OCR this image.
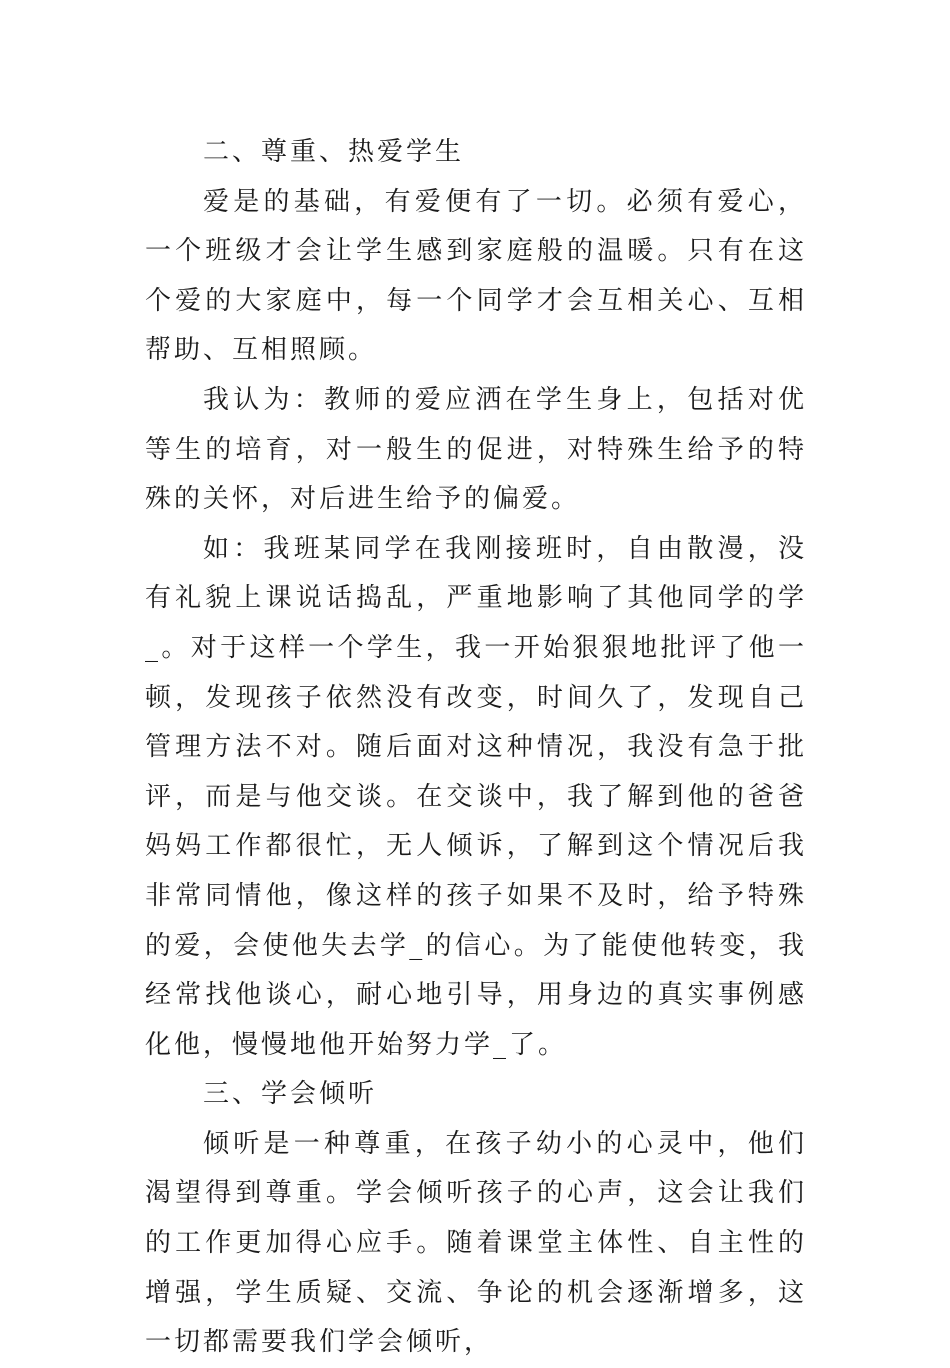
二、尊重、热爱学生

爱是的基础，有爱便有了一切。必须有爱心，一个班级才会让学生感到家庭般的温暖。只有在这个爱的大家庭中，每一个同学才会互相关心、互相帮助、互相照顾。

我认为：教师的爱应洒在学生身上，包括对优等生的培育，对一般生的促进，对特殊生给予的特殊的关怀，对后进生给予的偏爱。

如：我班某同学在我刚接班时，自由散漫，没有礼貌上课说话捣乱，严重地影响了其他同学的学_。对于这样一个学生，我一开始狠狠地批评了他一顿，发现孩子依然没有改变，时间久了，发现自己管理方法不对。随后面对这种情况，我没有急于批评，而是与他交谈。在交谈中，我了解到他的爸爸妈妈工作都很忙，无人倾诉，了解到这个情况后我非常同情他，像这样的孩子如果不及时，给予特殊的爱，会使他失去学_的信心。为了能使他转变，我经常找他谈心，耐心地引导，用身边的真实事例感化他，慢慢地他开始努力学_了。

三、学会倾听

倾听是一种尊重，在孩子幼小的心灵中，他们渴望得到尊重。学会倾听孩子的心声，这会让我们的工作更加得心应手。随着课堂主体性、自主性的增强，学生质疑、交流、争论的机会逐渐增多，这一切都需要我们学会倾听，
